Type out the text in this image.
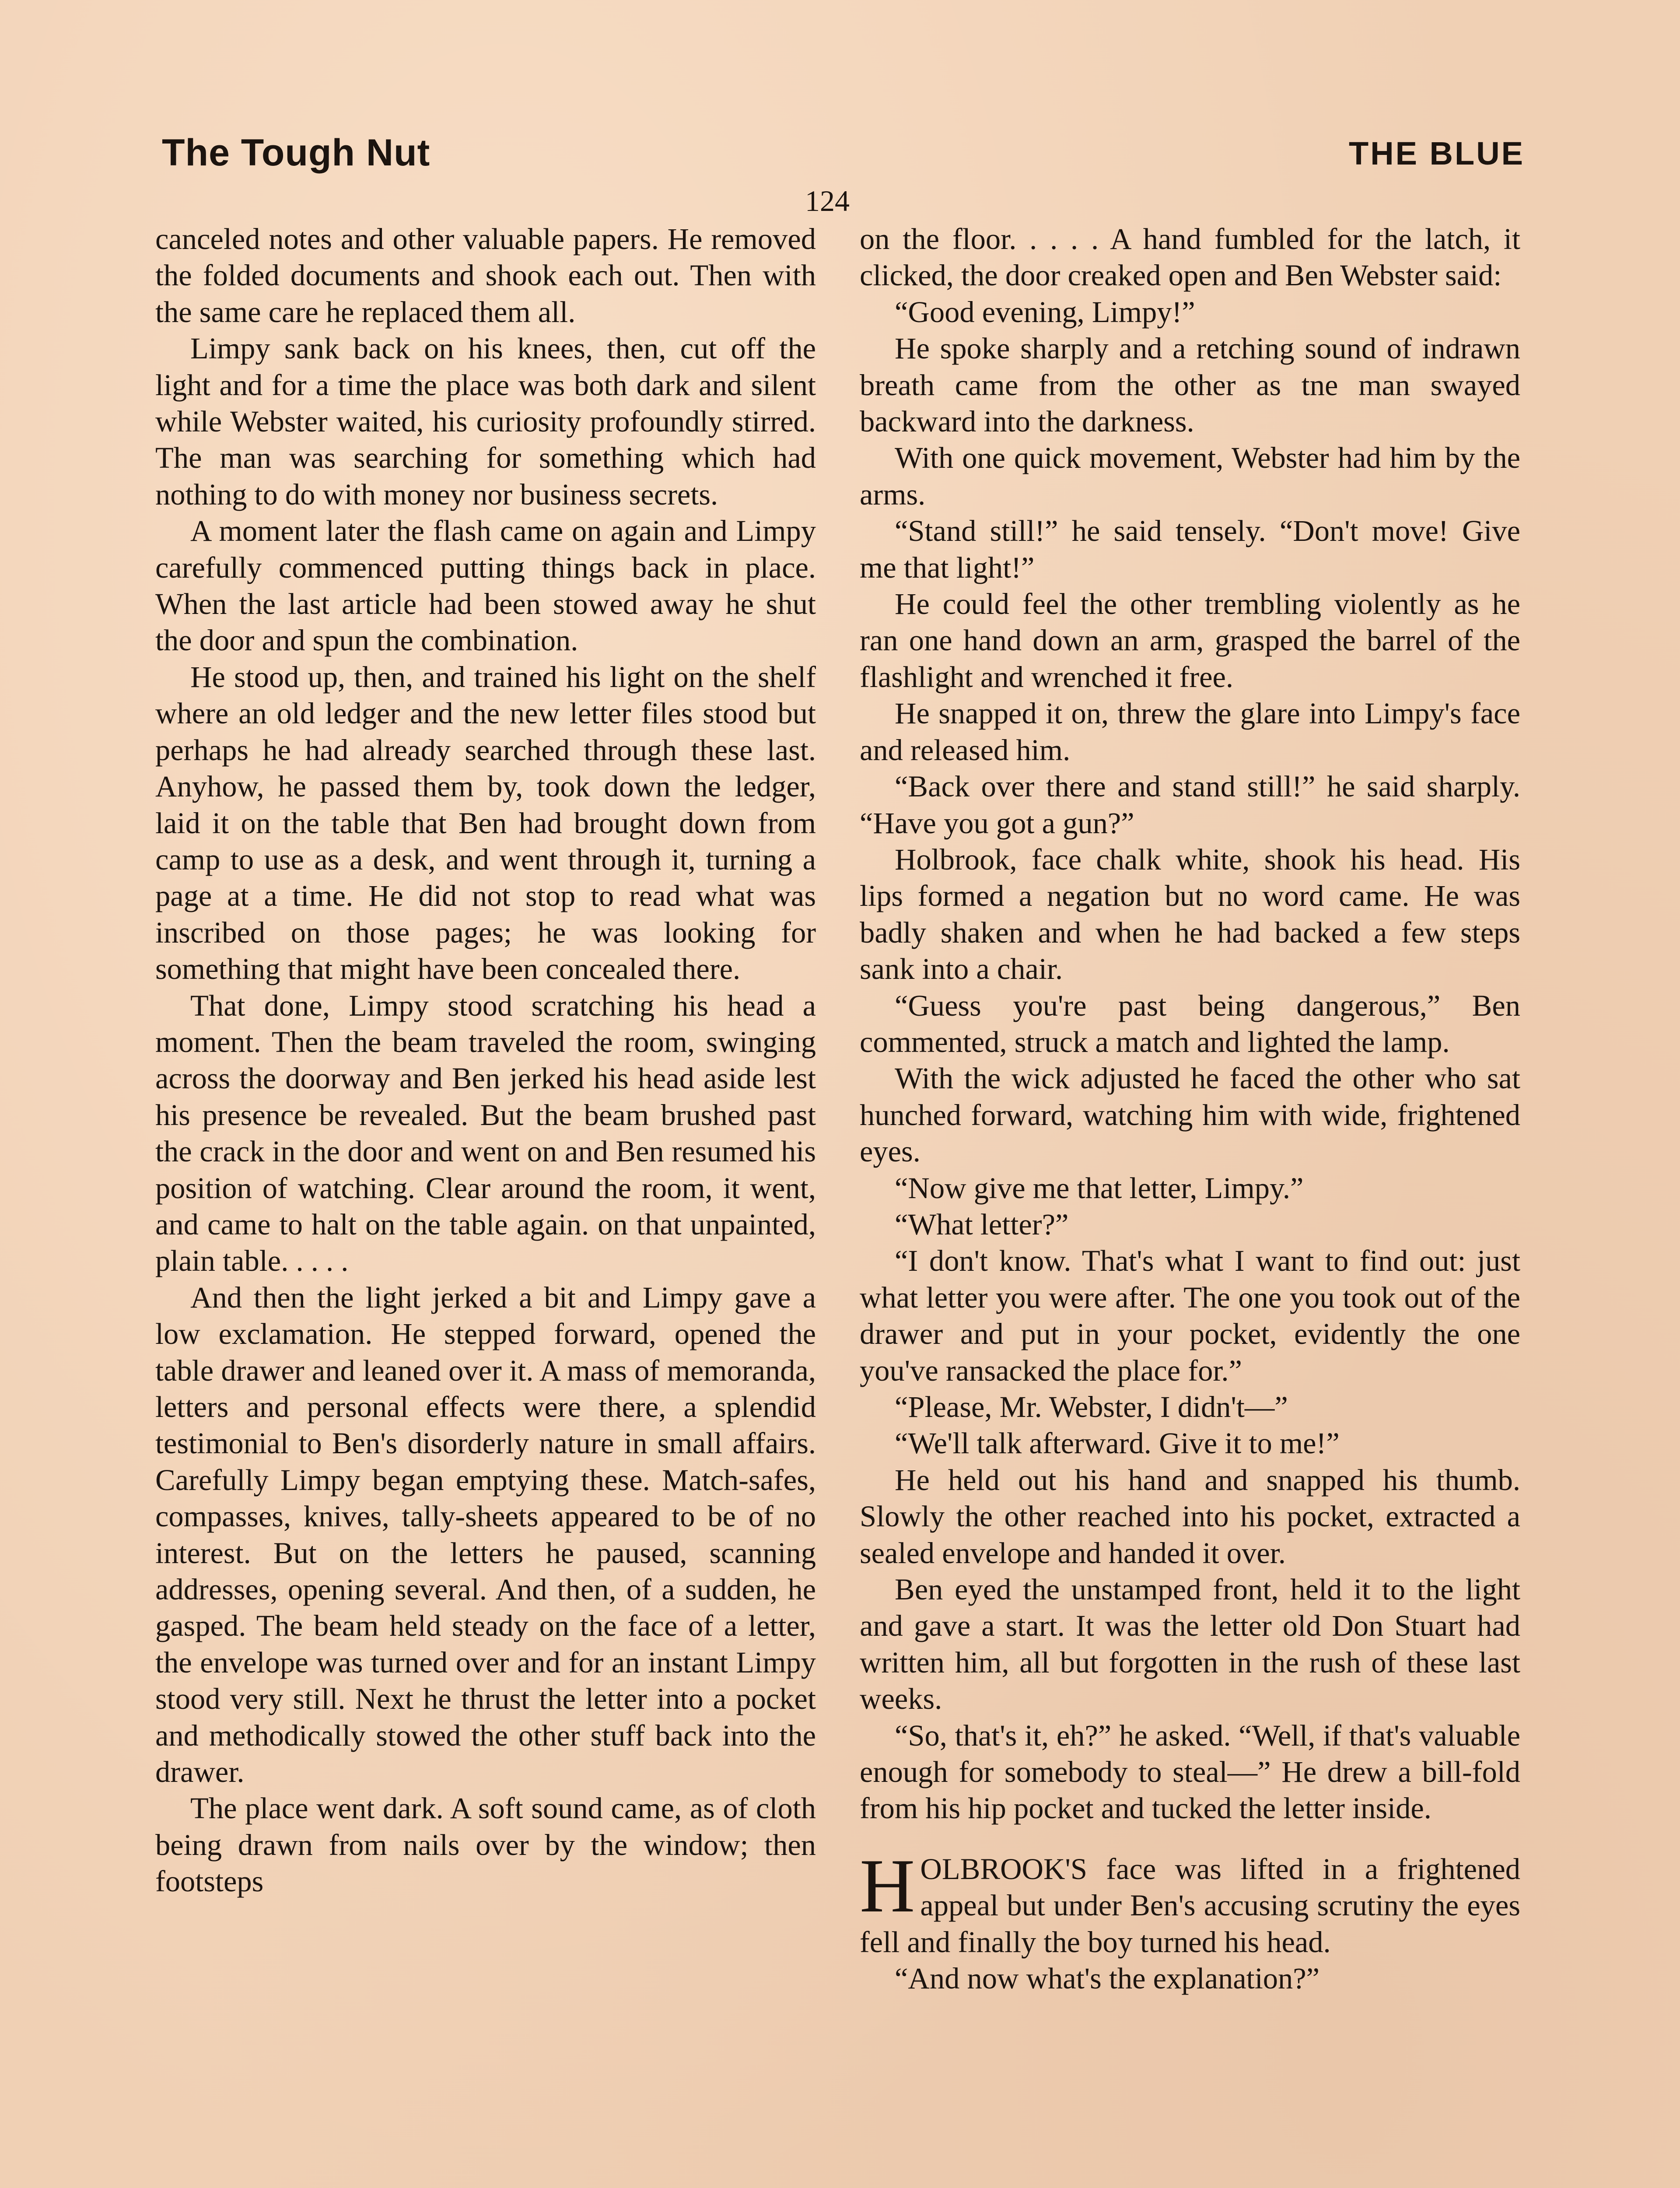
The Tough Nut	THE BLUE
124

canceled notes and other valuable papers. He removed the folded documents and shook each out. Then with the same care he replaced them all.

Limpy sank back on his knees, then, cut off the light and for a time the place was both dark and silent while Webster waited, his curiosity profoundly stirred. The man was searching for something which had nothing to do with money nor business secrets.

A moment later the flash came on again and Limpy carefully commenced putting things back in place. When the last article had been stowed away he shut the door and spun the combination.

He stood up, then, and trained his light on the shelf where an old ledger and the new letter files stood but perhaps he had already searched through these last. Anyhow, he passed them by, took down the ledger, laid it on the table that Ben had brought down from camp to use as a desk, and went through it, turning a page at a time. He did not stop to read what was inscribed on those pages; he was looking for something that might have been concealed there.

That done, Limpy stood scratching his head a moment. Then the beam traveled the room, swinging across the doorway and Ben jerked his head aside lest his presence be revealed. But the beam brushed past the crack in the door and went on and Ben resumed his position of watching. Clear around the room, it went, and came to halt on the table again. on that unpainted, plain table. . . . .

And then the light jerked a bit and Limpy gave a low exclamation. He stepped forward, opened the table drawer and leaned over it. A mass of memoranda, letters and personal effects were there, a splendid testimonial to Ben's disorderly nature in small affairs. Carefully Limpy began emptying these. Match-safes, compasses, knives, tally-sheets appeared to be of no interest. But on the letters he paused, scanning addresses, opening several. And then, of a sudden, he gasped. The beam held steady on the face of a letter, the envelope was turned over and for an instant Limpy stood very still. Next he thrust the letter into a pocket and methodically stowed the other stuff back into the drawer.

The place went dark. A soft sound came, as of cloth being drawn from nails over by the window; then footsteps

on the floor. . . . . A hand fumbled for the latch, it clicked, the door creaked open and Ben Webster said:

“Good evening, Limpy!”

He spoke sharply and a retching sound of indrawn breath came from the other as tne man swayed backward into the darkness.

With one quick movement, Webster had him by the arms.

“Stand still!” he said tensely. “Don't move! Give me that light!”

He could feel the other trembling violently as he ran one hand down an arm, grasped the barrel of the flashlight and wrenched it free.

He snapped it on, threw the glare into Limpy's face and released him.

“Back over there and stand still!” he said sharply. “Have you got a gun?”

Holbrook, face chalk white, shook his head. His lips formed a negation but no word came. He was badly shaken and when he had backed a few steps sank into a chair.

“Guess you're past being dangerous,” Ben commented, struck a match and lighted the lamp.

With the wick adjusted he faced the other who sat hunched forward, watching him with wide, frightened eyes.

“Now give me that letter, Limpy.”

“What letter?”

“I don't know. That's what I want to find out: just what letter you were after. The one you took out of the drawer and put in your pocket, evidently the one you've ransacked the place for.”

“Please, Mr. Webster, I didn't—”

“We'll talk afterward. Give it to me!”

He held out his hand and snapped his thumb. Slowly the other reached into his pocket, extracted a sealed envelope and handed it over.

Ben eyed the unstamped front, held it to the light and gave a start. It was the letter old Don Stuart had written him, all but forgotten in the rush of these last weeks.

“So, that's it, eh?” he asked. “Well, if that's valuable enough for somebody to steal—” He drew a bill-fold from his hip pocket and tucked the letter inside.

HOLBROOK'S face was lifted in a frightened appeal but under Ben's accusing scrutiny the eyes fell and finally the boy turned his head.

“And now what's the explanation?”
